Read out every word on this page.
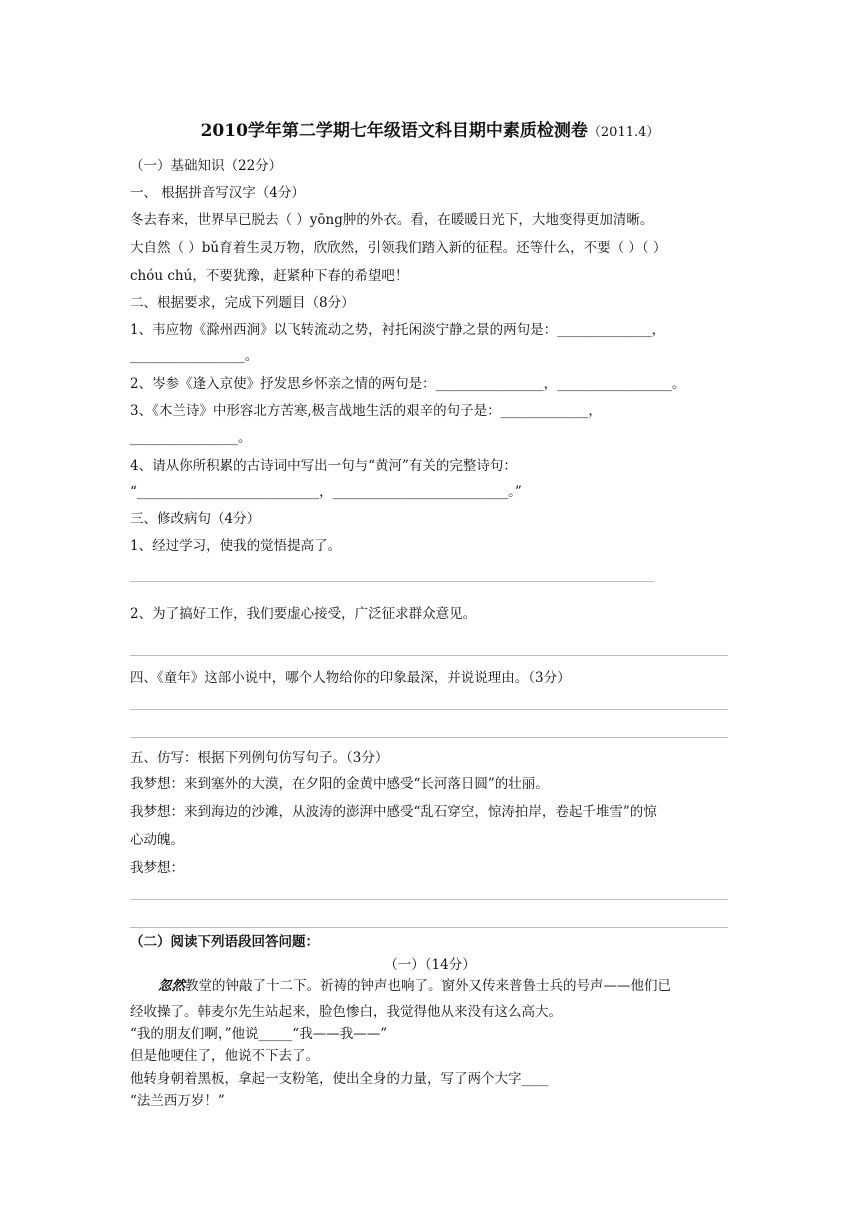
2010学年第二学期七年级语文科目期中素质检测卷（2011.4）
（一）基础知识（22分）
一、 根据拼音写汉字（4分）
冬去春来，世界早已脱去（ ）yōng肿的外衣。看，在暖暖日光下，大地变得更加清晰。
大自然（ ）bǔ育着生灵万物，欣欣然，引领我们踏入新的征程。还等什么，不要（ ）（ ）
chóu chú，不要犹豫，赶紧种下春的希望吧！
二、根据要求，完成下列题目（8分）
1、韦应物《滁州西涧》以飞转流动之势，衬托闲淡宁静之景的两句是：______________，
_________________。
2、岑参《逢入京使》抒发思乡怀亲之情的两句是：________________，_________________。
3、《木兰诗》中形容北方苦寒,极言战地生活的艰辛的句子是：_____________，
________________。
4、请从你所积累的古诗词中写出一句与“黄河”有关的完整诗句：
“___________________________，__________________________。”
三、修改病句（4分）
1、经过学习，使我的觉悟提高了。
2、为了搞好工作，我们要虚心接受，广泛征求群众意见。
四、《童年》这部小说中，哪个人物给你的印象最深，并说说理由。（3分）
五、仿写：根据下列例句仿写句子。（3分）
我梦想：来到塞外的大漠，在夕阳的金黄中感受“长河落日圆”的壮丽。
我梦想：来到海边的沙滩，从波涛的澎湃中感受“乱石穿空，惊涛拍岸，卷起千堆雪”的惊
心动魄。
我梦想：
（二）阅读下列语段回答问题：
（一）（14分）
忽然教堂的钟敲了十二下。祈祷的钟声也响了。窗外又传来普鲁士兵的号声——他们已
经收操了。韩麦尔先生站起来，脸色惨白，我觉得他从来没有这么高大。
“我的朋友们啊，”他说_____“我——我——”
但是他哽住了，他说不下去了。
他转身朝着黑板，拿起一支粉笔，使出全身的力量，写了两个大字____
“法兰西万岁！”
